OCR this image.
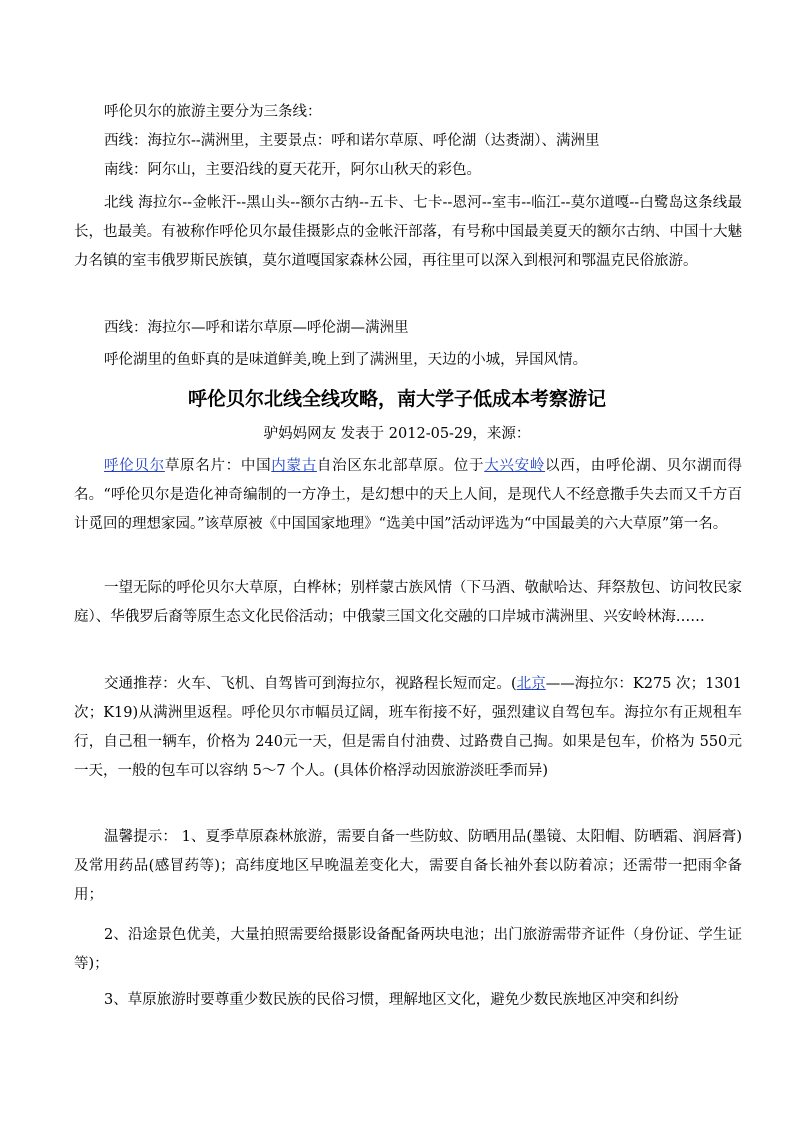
呼伦贝尔的旅游主要分为三条线：
西线：海拉尔--满洲里，主要景点：呼和诺尔草原、呼伦湖（达赉湖）、满洲里
南线：阿尔山，主要沿线的夏天花开，阿尔山秋天的彩色。
北线 海拉尔--金帐汗--黑山头--额尔古纳--五卡、七卡--恩河--室韦--临江--莫尔道嘎--白鹭岛这条线最长，也最美。有被称作呼伦贝尔最佳摄影点的金帐汗部落，有号称中国最美夏天的额尔古纳、中国十大魅力名镇的室韦俄罗斯民族镇，莫尔道嘎国家森林公园，再往里可以深入到根河和鄂温克民俗旅游。
西线：海拉尔—呼和诺尔草原—呼伦湖—满洲里
呼伦湖里的鱼虾真的是味道鲜美,晚上到了满洲里，天边的小城，异国风情。
呼伦贝尔北线全线攻略，南大学子低成本考察游记
驴妈妈网友 发表于 2012-05-29，来源：
呼伦贝尔草原名片：中国内蒙古自治区东北部草原。位于大兴安岭以西，由呼伦湖、贝尔湖而得名。“呼伦贝尔是造化神奇编制的一方净土，是幻想中的天上人间，是现代人不经意撒手失去而又千方百计觅回的理想家园。”该草原被《中国国家地理》“选美中国”活动评选为“中国最美的六大草原”第一名。
一望无际的呼伦贝尔大草原，白桦林；别样蒙古族风情（下马酒、敬献哈达、拜祭敖包、访问牧民家庭）、华俄罗后裔等原生态文化民俗活动；中俄蒙三国文化交融的口岸城市满洲里、兴安岭林海……
交通推荐：火车、飞机、自驾皆可到海拉尔，视路程长短而定。(北京——海拉尔：K275 次；1301 次；K19)从满洲里返程。呼伦贝尔市幅员辽阔，班车衔接不好，强烈建议自驾包车。海拉尔有正规租车行，自己租一辆车，价格为 240元一天，但是需自付油费、过路费自己掏。如果是包车，价格为 550元一天，一般的包车可以容纳 5～7 个人。(具体价格浮动因旅游淡旺季而异)
温馨提示： 1、夏季草原森林旅游，需要自备一些防蚊、防晒用品(墨镜、太阳帽、防晒霜、润唇膏)及常用药品(感冒药等)；高纬度地区早晚温差变化大，需要自备长袖外套以防着凉；还需带一把雨伞备用；
2、沿途景色优美，大量拍照需要给摄影设备配备两块电池；出门旅游需带齐证件（身份证、学生证等)；
3、草原旅游时要尊重少数民族的民俗习惯，理解地区文化，避免少数民族地区冲突和纠纷
